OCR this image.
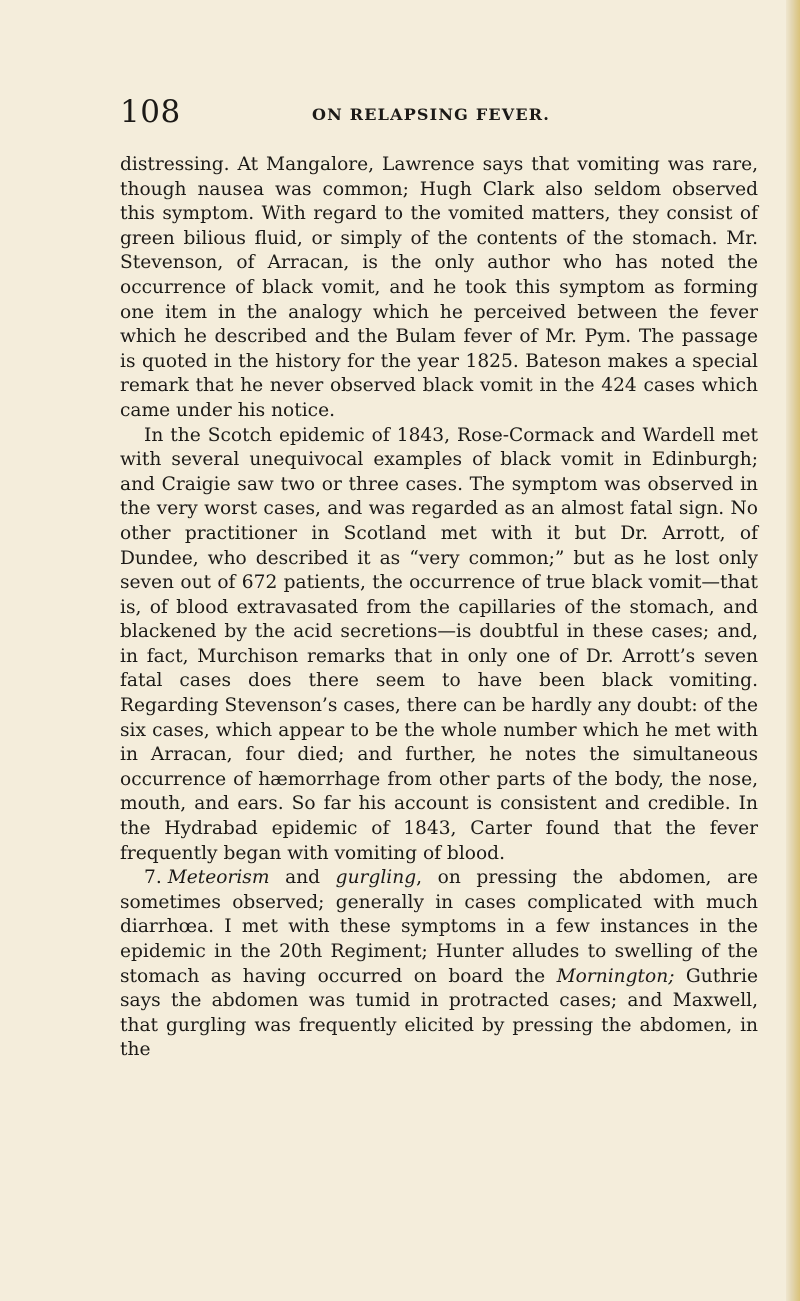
108	ON RELAPSING FEVER.

distressing. At Mangalore, Lawrence says that vomiting was rare, though nausea was common; Hugh Clark also seldom observed this symptom. With regard to the vomited matters, they consist of green bilious fluid, or simply of the contents of the stomach. Mr. Stevenson, of Arracan, is the only author who has noted the occurrence of black vomit, and he took this symptom as forming one item in the analogy which he perceived between the fever which he described and the Bulam fever of Mr. Pym. The passage is quoted in the history for the year 1825. Bateson makes a special remark that he never observed black vomit in the 424 cases which came under his notice.

In the Scotch epidemic of 1843, Rose-Cormack and Wardell met with several unequivocal examples of black vomit in Edinburgh; and Craigie saw two or three cases. The symptom was observed in the very worst cases, and was regarded as an almost fatal sign. No other practitioner in Scotland met with it but Dr. Arrott, of Dundee, who described it as “very common;” but as he lost only seven out of 672 patients, the occurrence of true black vomit—that is, of blood extravasated from the capillaries of the stomach, and blackened by the acid secretions—is doubtful in these cases; and, in fact, Murchison remarks that in only one of Dr. Arrott’s seven fatal cases does there seem to have been black vomiting. Regarding Stevenson’s cases, there can be hardly any doubt: of the six cases, which appear to be the whole number which he met with in Arracan, four died; and further, he notes the simultaneous occurrence of hæmorrhage from other parts of the body, the nose, mouth, and ears. So far his account is consistent and credible. In the Hydrabad epidemic of 1843, Carter found that the fever frequently began with vomiting of blood.

7. Meteorism and gurgling, on pressing the abdomen, are sometimes observed; generally in cases complicated with much diarrhœa. I met with these symptoms in a few instances in the epidemic in the 20th Regiment; Hunter alludes to swelling of the stomach as having occurred on board the Mornington; Guthrie says the abdomen was tumid in protracted cases; and Maxwell, that gurgling was frequently elicited by pressing the abdomen, in the
